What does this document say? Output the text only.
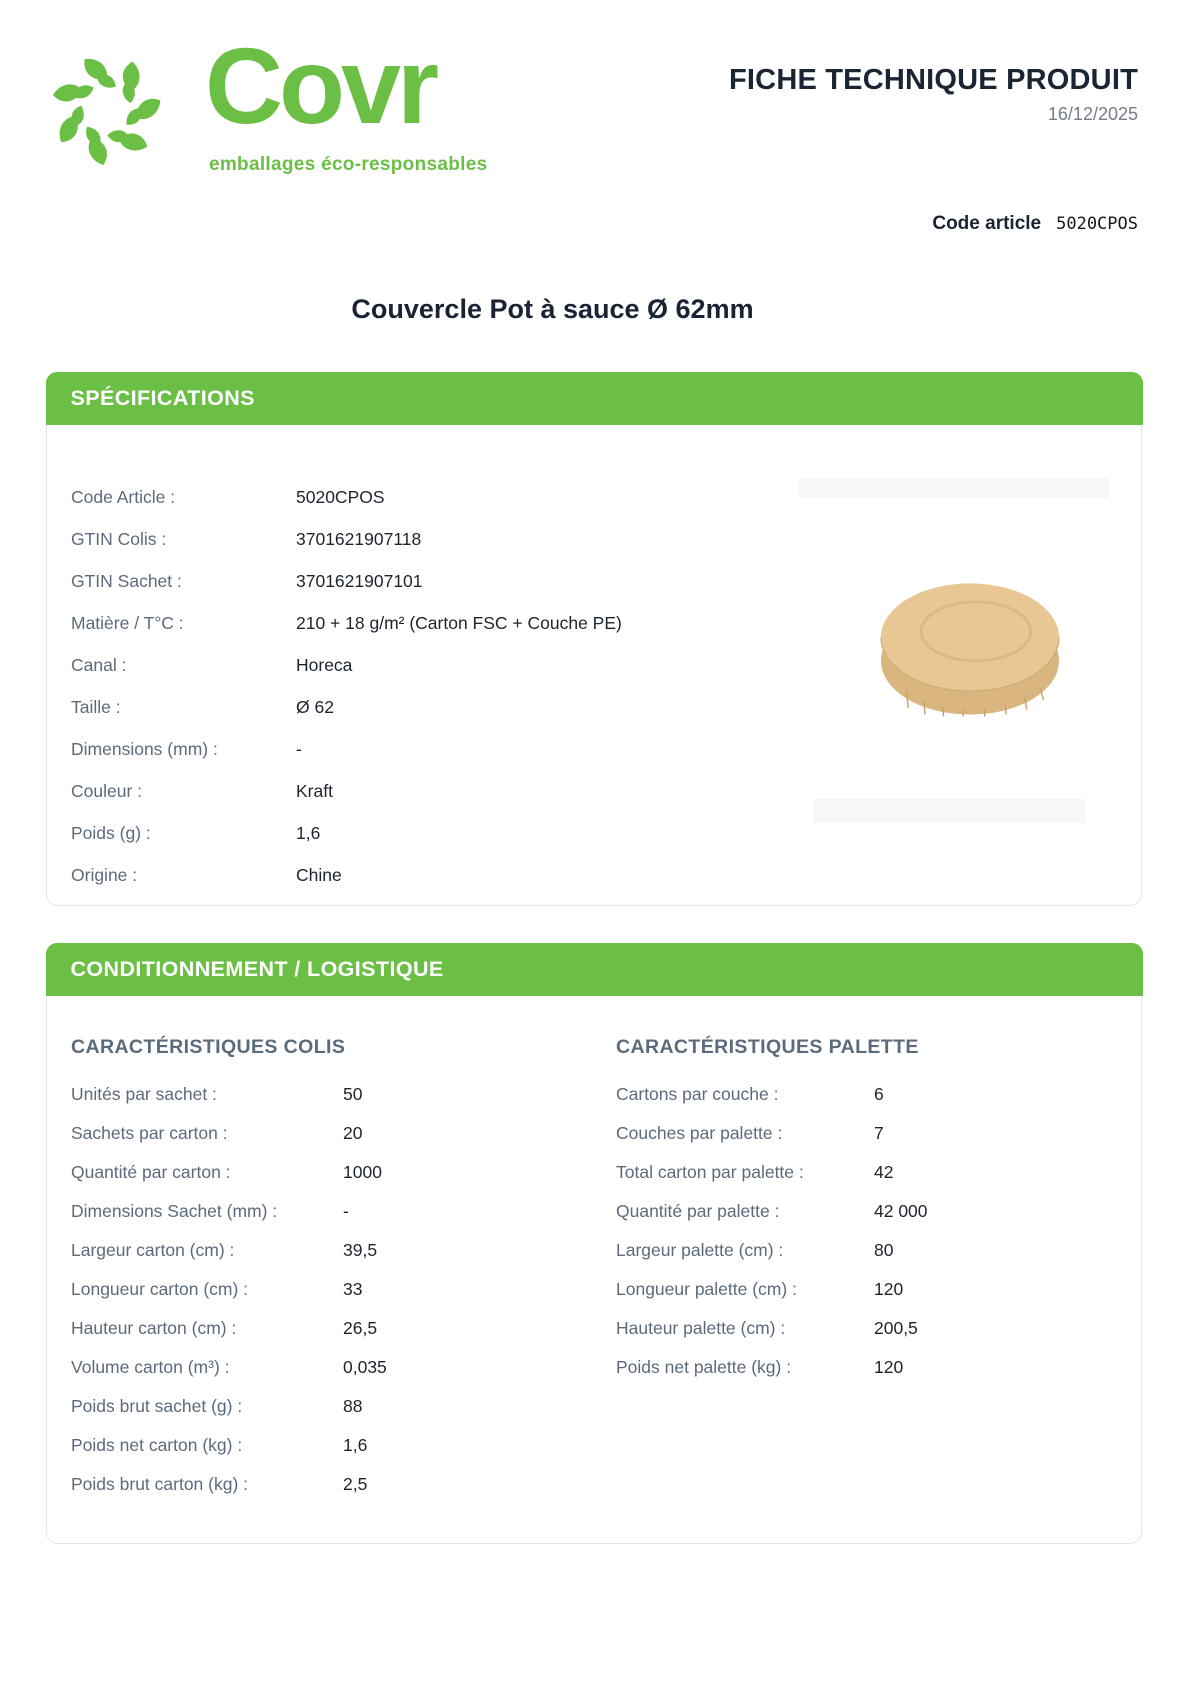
Covr
emballages éco-responsables
FICHE TECHNIQUE PRODUIT
16/12/2025
Code article 5020CPOS
Couvercle Pot à sauce Ø 62mm
SPÉCIFICATIONS
Code Article :	5020CPOS
GTIN Colis :	3701621907118
GTIN Sachet :	3701621907101
Matière / T°C :	210 + 18 g/m² (Carton FSC + Couche PE)
Canal :	Horeca
Taille :	Ø 62
Dimensions (mm) :	-
Couleur :	Kraft
Poids (g) :	1,6
Origine :	Chine
CONDITIONNEMENT / LOGISTIQUE
CARACTÉRISTIQUES COLIS
Unités par sachet :	50
Sachets par carton :	20
Quantité par carton :	1000
Dimensions Sachet (mm) :	-
Largeur carton (cm) :	39,5
Longueur carton (cm) :	33
Hauteur carton (cm) :	26,5
Volume carton (m³) :	0,035
Poids brut sachet (g) :	88
Poids net carton (kg) :	1,6
Poids brut carton (kg) :	2,5
CARACTÉRISTIQUES PALETTE
Cartons par couche :	6
Couches par palette :	7
Total carton par palette :	42
Quantité par palette :	42 000
Largeur palette (cm) :	80
Longueur palette (cm) :	120
Hauteur palette (cm) :	200,5
Poids net palette (kg) :	120
